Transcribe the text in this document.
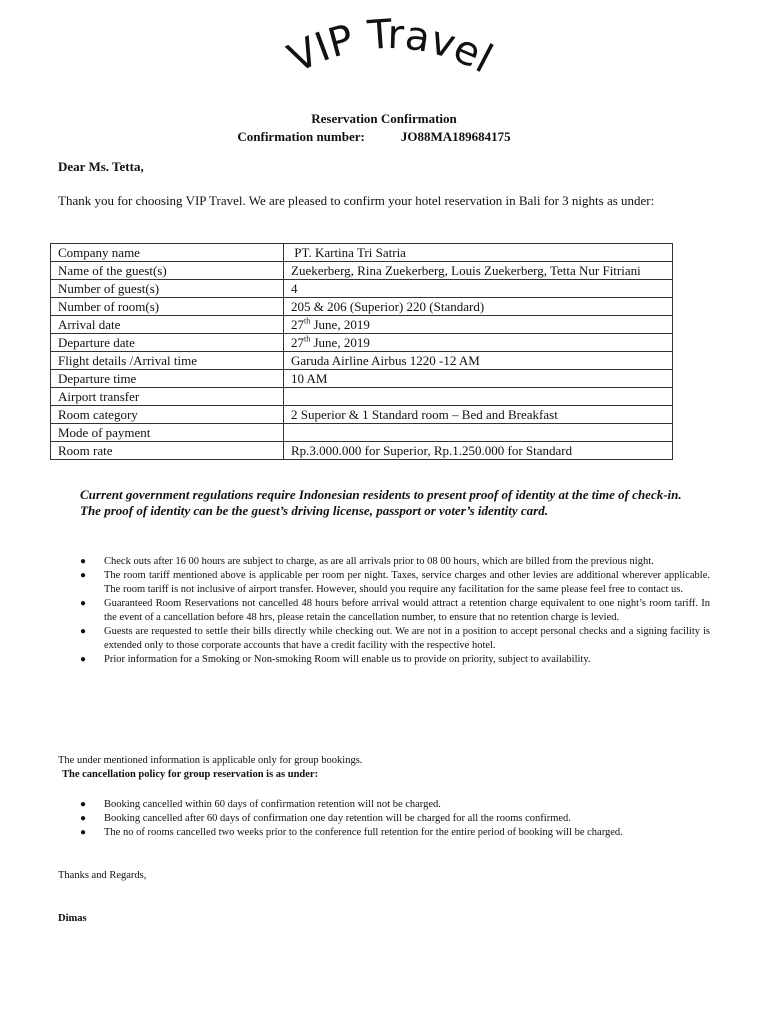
VIP Travel
Reservation Confirmation
Confirmation number:	JO88MA189684175
Dear Ms. Tetta,
Thank you for choosing VIP Travel. We are pleased to confirm your hotel reservation in Bali for 3 nights as under:
Company name	PT. Kartina Tri Satria
Name of the guest(s)	Zuekerberg, Rina Zuekerberg, Louis Zuekerberg, Tetta Nur Fitriani
Number of guest(s)	4
Number of room(s)	205 & 206 (Superior) 220 (Standard)
Arrival date	27th June, 2019
Departure date	27th June, 2019
Flight details /Arrival time	Garuda Airline Airbus 1220 -12 AM
Departure time	10 AM
Airport transfer	
Room category	2 Superior & 1 Standard room – Bed and Breakfast
Mode of payment	
Room rate	Rp.3.000.000 for Superior, Rp.1.250.000 for Standard
Current government regulations require Indonesian residents to present proof of identity at the time of check-in. The proof of identity can be the guest’s driving license, passport or voter’s identity card.
● Check outs after 16 00 hours are subject to charge, as are all arrivals prior to 08 00 hours, which are billed from the previous night.
● The room tariff mentioned above is applicable per room per night. Taxes, service charges and other levies are additional wherever applicable. The room tariff is not inclusive of airport transfer. However, should you require any facilitation for the same please feel free to contact us.
● Guaranteed Room Reservations not cancelled 48 hours before arrival would attract a retention charge equivalent to one night’s room tariff. In the event of a cancellation before 48 hrs, please retain the cancellation number, to ensure that no retention charge is levied.
● Guests are requested to settle their bills directly while checking out. We are not in a position to accept personal checks and a signing facility is extended only to those corporate accounts that have a credit facility with the respective hotel.
● Prior information for a Smoking or Non-smoking Room will enable us to provide on priority, subject to availability.
The under mentioned information is applicable only for group bookings.
The cancellation policy for group reservation is as under:
● Booking cancelled within 60 days of confirmation retention will not be charged.
● Booking cancelled after 60 days of confirmation one day retention will be charged for all the rooms confirmed.
● The no of rooms cancelled two weeks prior to the conference full retention for the entire period of booking will be charged.
Thanks and Regards,
Dimas
